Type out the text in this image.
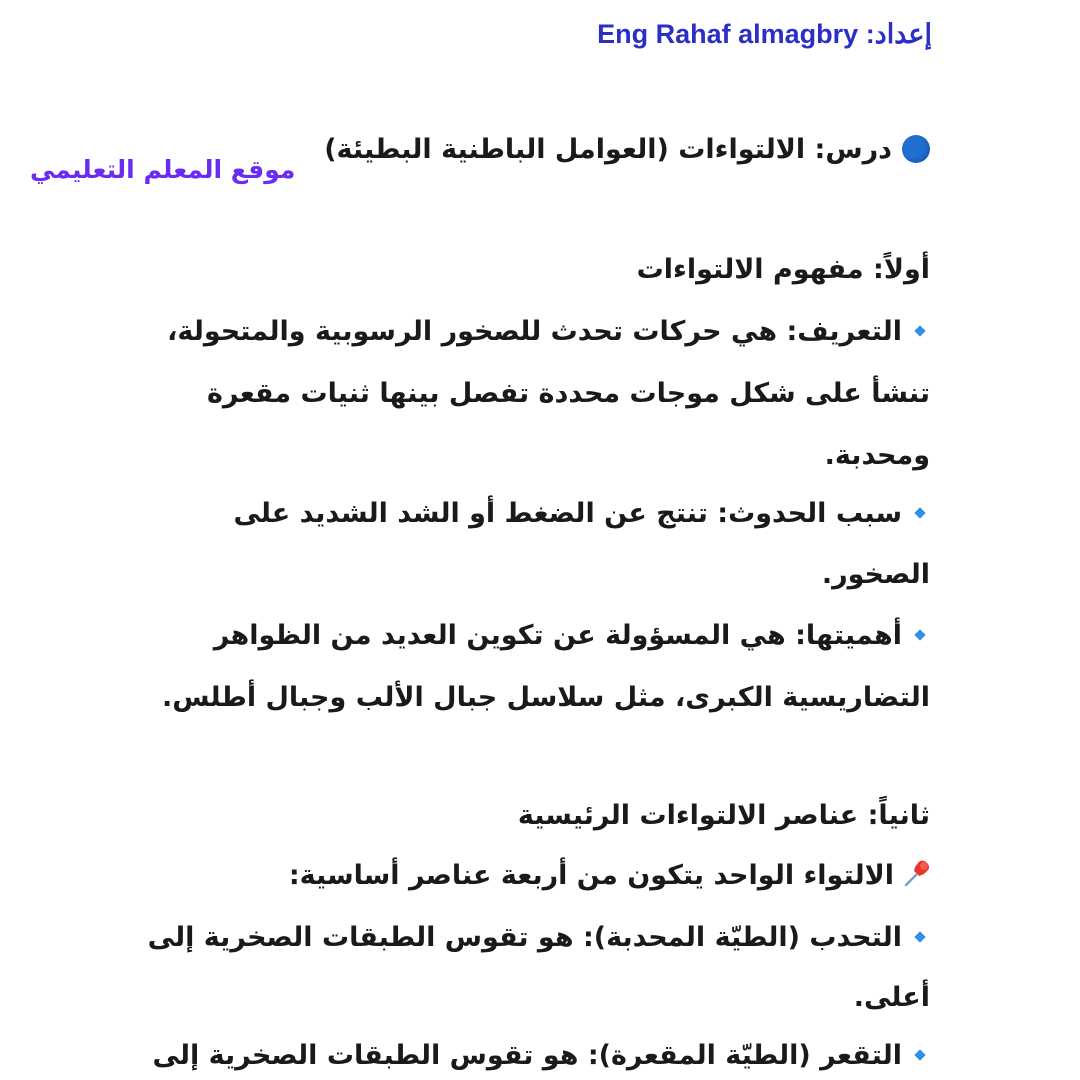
إعداد: Eng Rahaf almagbry
درس: الالتواءات (العوامل الباطنية البطيئة)
موقع المعلم التعليمي
أولاً: مفهوم الالتواءات
التعريف: هي حركات تحدث للصخور الرسوبية والمتحولة،
تنشأ على شكل موجات محددة تفصل بينها ثنيات مقعرة
ومحدبة.
سبب الحدوث: تنتج عن الضغط أو الشد الشديد على
الصخور.
أهميتها: هي المسؤولة عن تكوين العديد من الظواهر
التضاريسية الكبرى، مثل سلاسل جبال الألب وجبال أطلس.
ثانياً: عناصر الالتواءات الرئيسية
الالتواء الواحد يتكون من أربعة عناصر أساسية:
التحدب (الطيّة المحدبة): هو تقوس الطبقات الصخرية إلى
أعلى.
التقعر (الطيّة المقعرة): هو تقوس الطبقات الصخرية إلى
